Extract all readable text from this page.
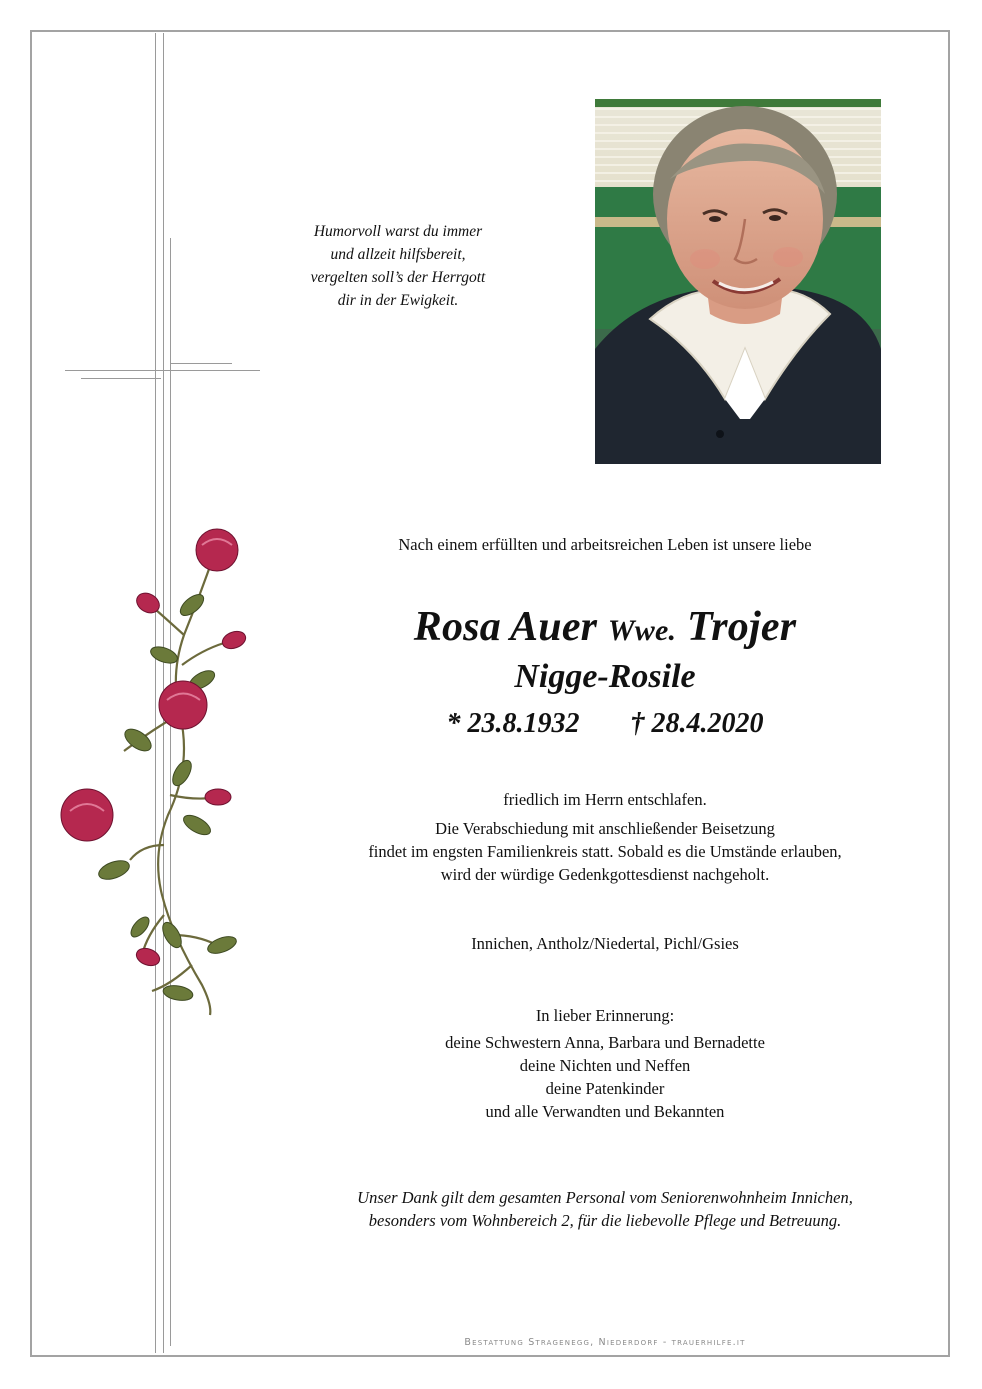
Humorvoll warst du immer
und allzeit hilfsbereit,
vergelten soll’s der Herrgott
dir in der Ewigkeit.
Nach einem erfüllten und arbeitsreichen Leben ist unsere liebe
Rosa Auer Wwe. Trojer
Nigge-Rosile
* 23.8.1932 † 28.4.2020
friedlich im Herrn entschlafen.
Die Verabschiedung mit anschließender Beisetzung
findet im engsten Familienkreis statt. Sobald es die Umstände erlauben,
wird der würdige Gedenkgottesdienst nachgeholt.
Innichen, Antholz/Niedertal, Pichl/Gsies
In lieber Erinnerung:
deine Schwestern Anna, Barbara und Bernadette
deine Nichten und Neffen
deine Patenkinder
und alle Verwandten und Bekannten
Unser Dank gilt dem gesamten Personal vom Seniorenwohnheim Innichen,
besonders vom Wohnbereich 2, für die liebevolle Pflege und Betreuung.
Bestattung Stragenegg, Niederdorf - trauerhilfe.it
